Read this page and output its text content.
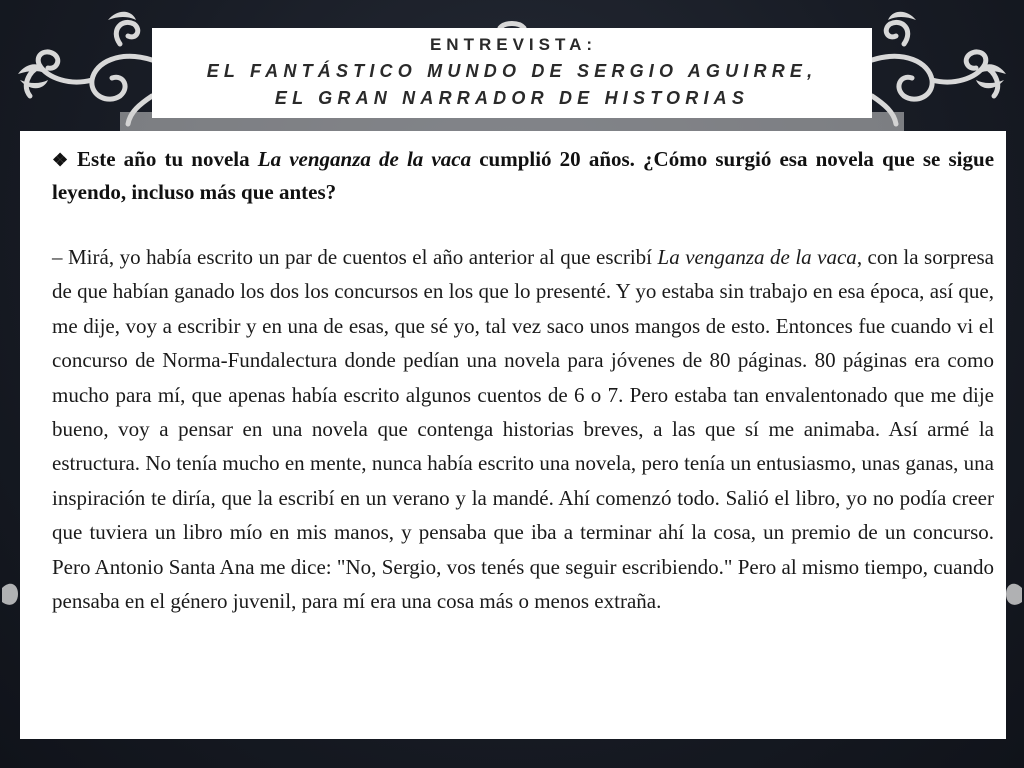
ENTREVISTA:
EL FANTÁSTICO MUNDO DE SERGIO AGUIRRE,
EL GRAN NARRADOR DE HISTORIAS

❖ Este año tu novela La venganza de la vaca cumplió 20 años. ¿Cómo surgió esa novela que se sigue leyendo, incluso más que antes?

– Mirá, yo había escrito un par de cuentos el año anterior al que escribí La venganza de la vaca, con la sorpresa de que habían ganado los dos los concursos en los que lo presenté. Y yo estaba sin trabajo en esa época, así que, me dije, voy a escribir y en una de esas, que sé yo, tal vez saco unos mangos de esto. Entonces fue cuando vi el concurso de Norma-Fundalectura donde pedían una novela para jóvenes de 80 páginas. 80 páginas era como mucho para mí, que apenas había escrito algunos cuentos de 6 o 7. Pero estaba tan envalentonado que me dije bueno, voy a pensar en una novela que contenga historias breves, a las que sí me animaba. Así armé la estructura. No tenía mucho en mente, nunca había escrito una novela, pero tenía un entusiasmo, unas ganas, una inspiración te diría, que la escribí en un verano y la mandé. Ahí comenzó todo. Salió el libro, yo no podía creer que tuviera un libro mío en mis manos, y pensaba que iba a terminar ahí la cosa, un premio de un concurso. Pero Antonio Santa Ana me dice: "No, Sergio, vos tenés que seguir escribiendo." Pero al mismo tiempo, cuando pensaba en el género juvenil, para mí era una cosa más o menos extraña.
